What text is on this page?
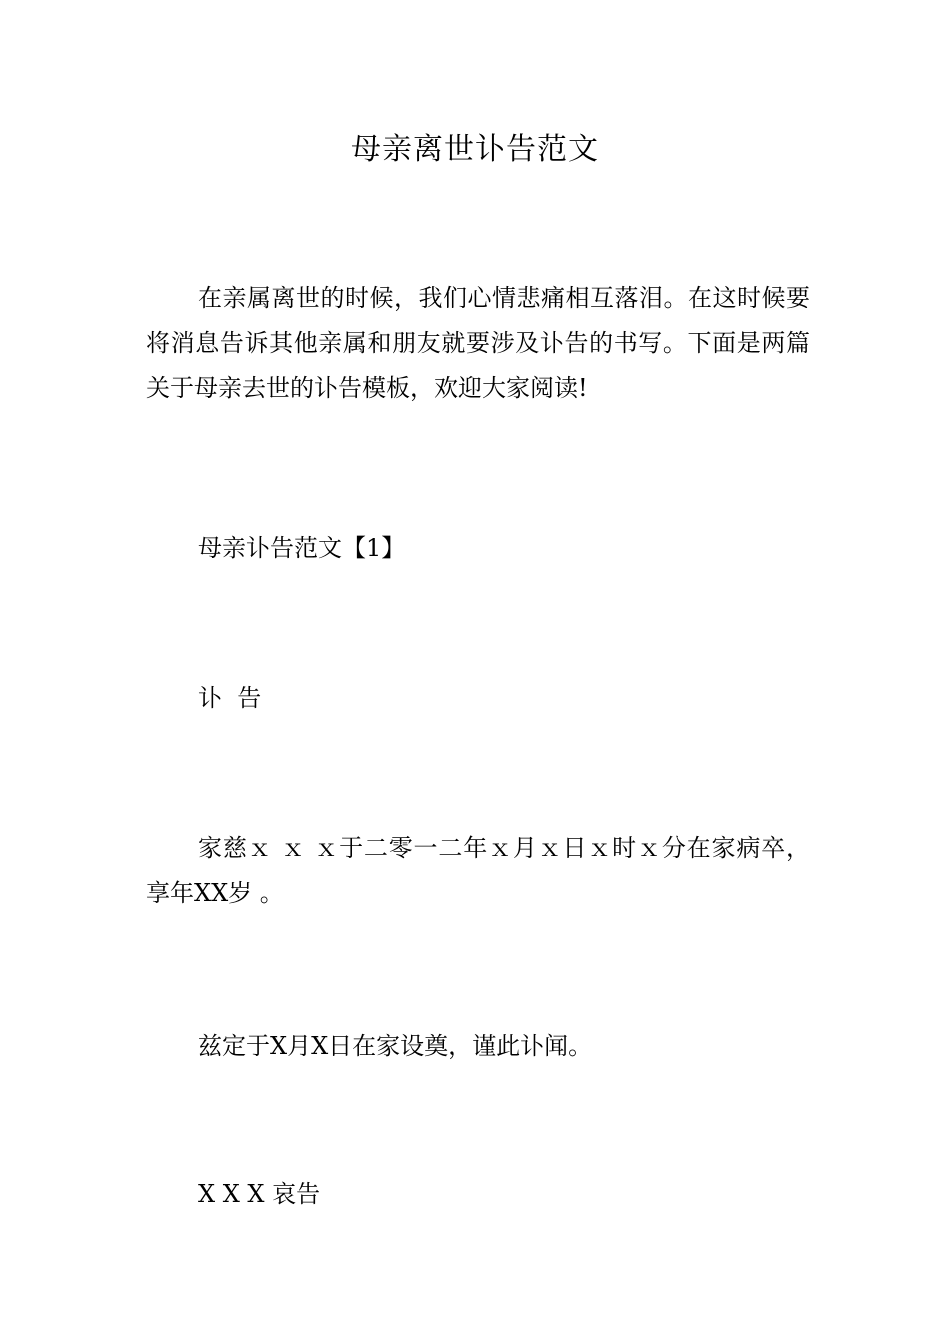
母亲离世讣告范文
在亲属离世的时候，我们心情悲痛相互落泪。在这时候要将消息告诉其他亲属和朋友就要涉及讣告的书写。下面是两篇关于母亲去世的讣告模板，欢迎大家阅读!
母亲讣告范文【1】
讣  告
家慈ｘ ｘ ｘ于二零一二年ｘ月ｘ日ｘ时ｘ分在家病卒，享年XX岁 。
兹定于X月X日在家设奠，谨此讣闻。
X X X 哀告
